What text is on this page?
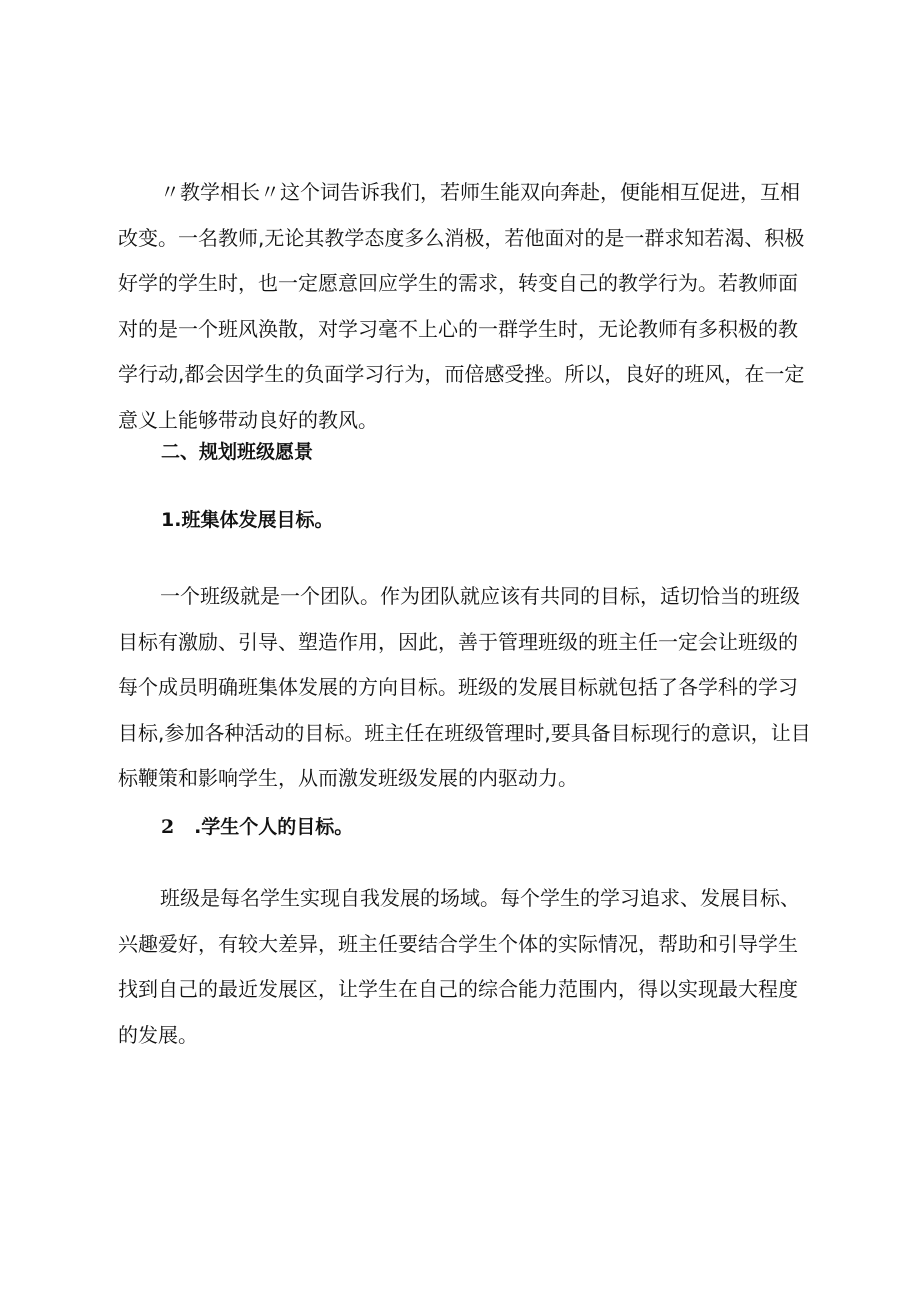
〃教学相长〃这个词告诉我们，若师生能双向奔赴，便能相互促进，互相
改变。一名教师,无论其教学态度多么消极，若他面对的是一群求知若渴、积极
好学的学生时，也一定愿意回应学生的需求，转变自己的教学行为。若教师面
对的是一个班风涣散，对学习毫不上心的一群学生时，无论教师有多积极的教
学行动,都会因学生的负面学习行为，而倍感受挫。所以，良好的班风，在一定
意义上能够带动良好的教风。
二、规划班级愿景
1.班集体发展目标。
一个班级就是一个团队。作为团队就应该有共同的目标，适切恰当的班级
目标有激励、引导、塑造作用，因此，善于管理班级的班主任一定会让班级的
每个成员明确班集体发展的方向目标。班级的发展目标就包括了各学科的学习
目标,参加各种活动的目标。班主任在班级管理时,要具备目标现行的意识，让目
标鞭策和影响学生，从而激发班级发展的内驱动力。
2 .学生个人的目标。
班级是每名学生实现自我发展的场域。每个学生的学习追求、发展目标、
兴趣爱好，有较大差异，班主任要结合学生个体的实际情况，帮助和引导学生
找到自己的最近发展区，让学生在自己的综合能力范围内，得以实现最大程度
的发展。
